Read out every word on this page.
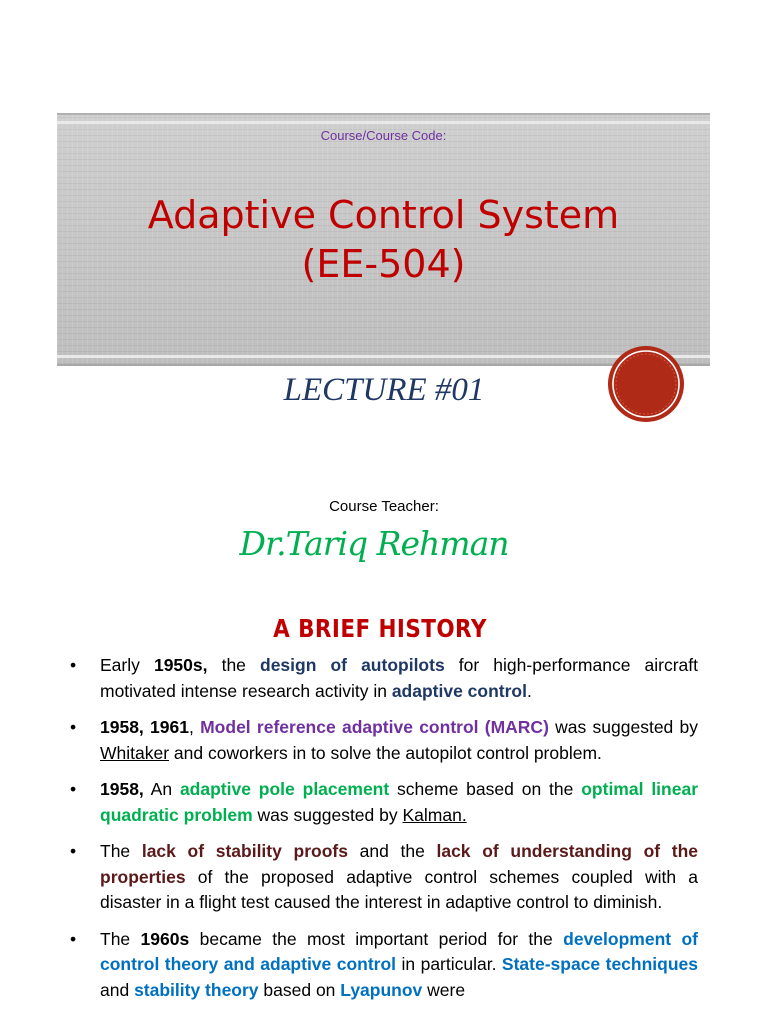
Course/Course Code:
Adaptive Control System
(EE-504)
LECTURE #01
Course Teacher:
Dr.Tariq Rehman
A BRIEF HISTORY
• Early 1950s, the design of autopilots for high-performance aircraft motivated intense research activity in adaptive control.
• 1958, 1961, Model reference adaptive control (MARC) was suggested by Whitaker and coworkers in to solve the autopilot control problem.
• 1958, An adaptive pole placement scheme based on the optimal linear quadratic problem was suggested by Kalman.
• The lack of stability proofs and the lack of understanding of the properties of the proposed adaptive control schemes coupled with a disaster in a flight test caused the interest in adaptive control to diminish.
• The 1960s became the most important period for the development of control theory and adaptive control in particular. State-space techniques and stability theory based on Lyapunov were
